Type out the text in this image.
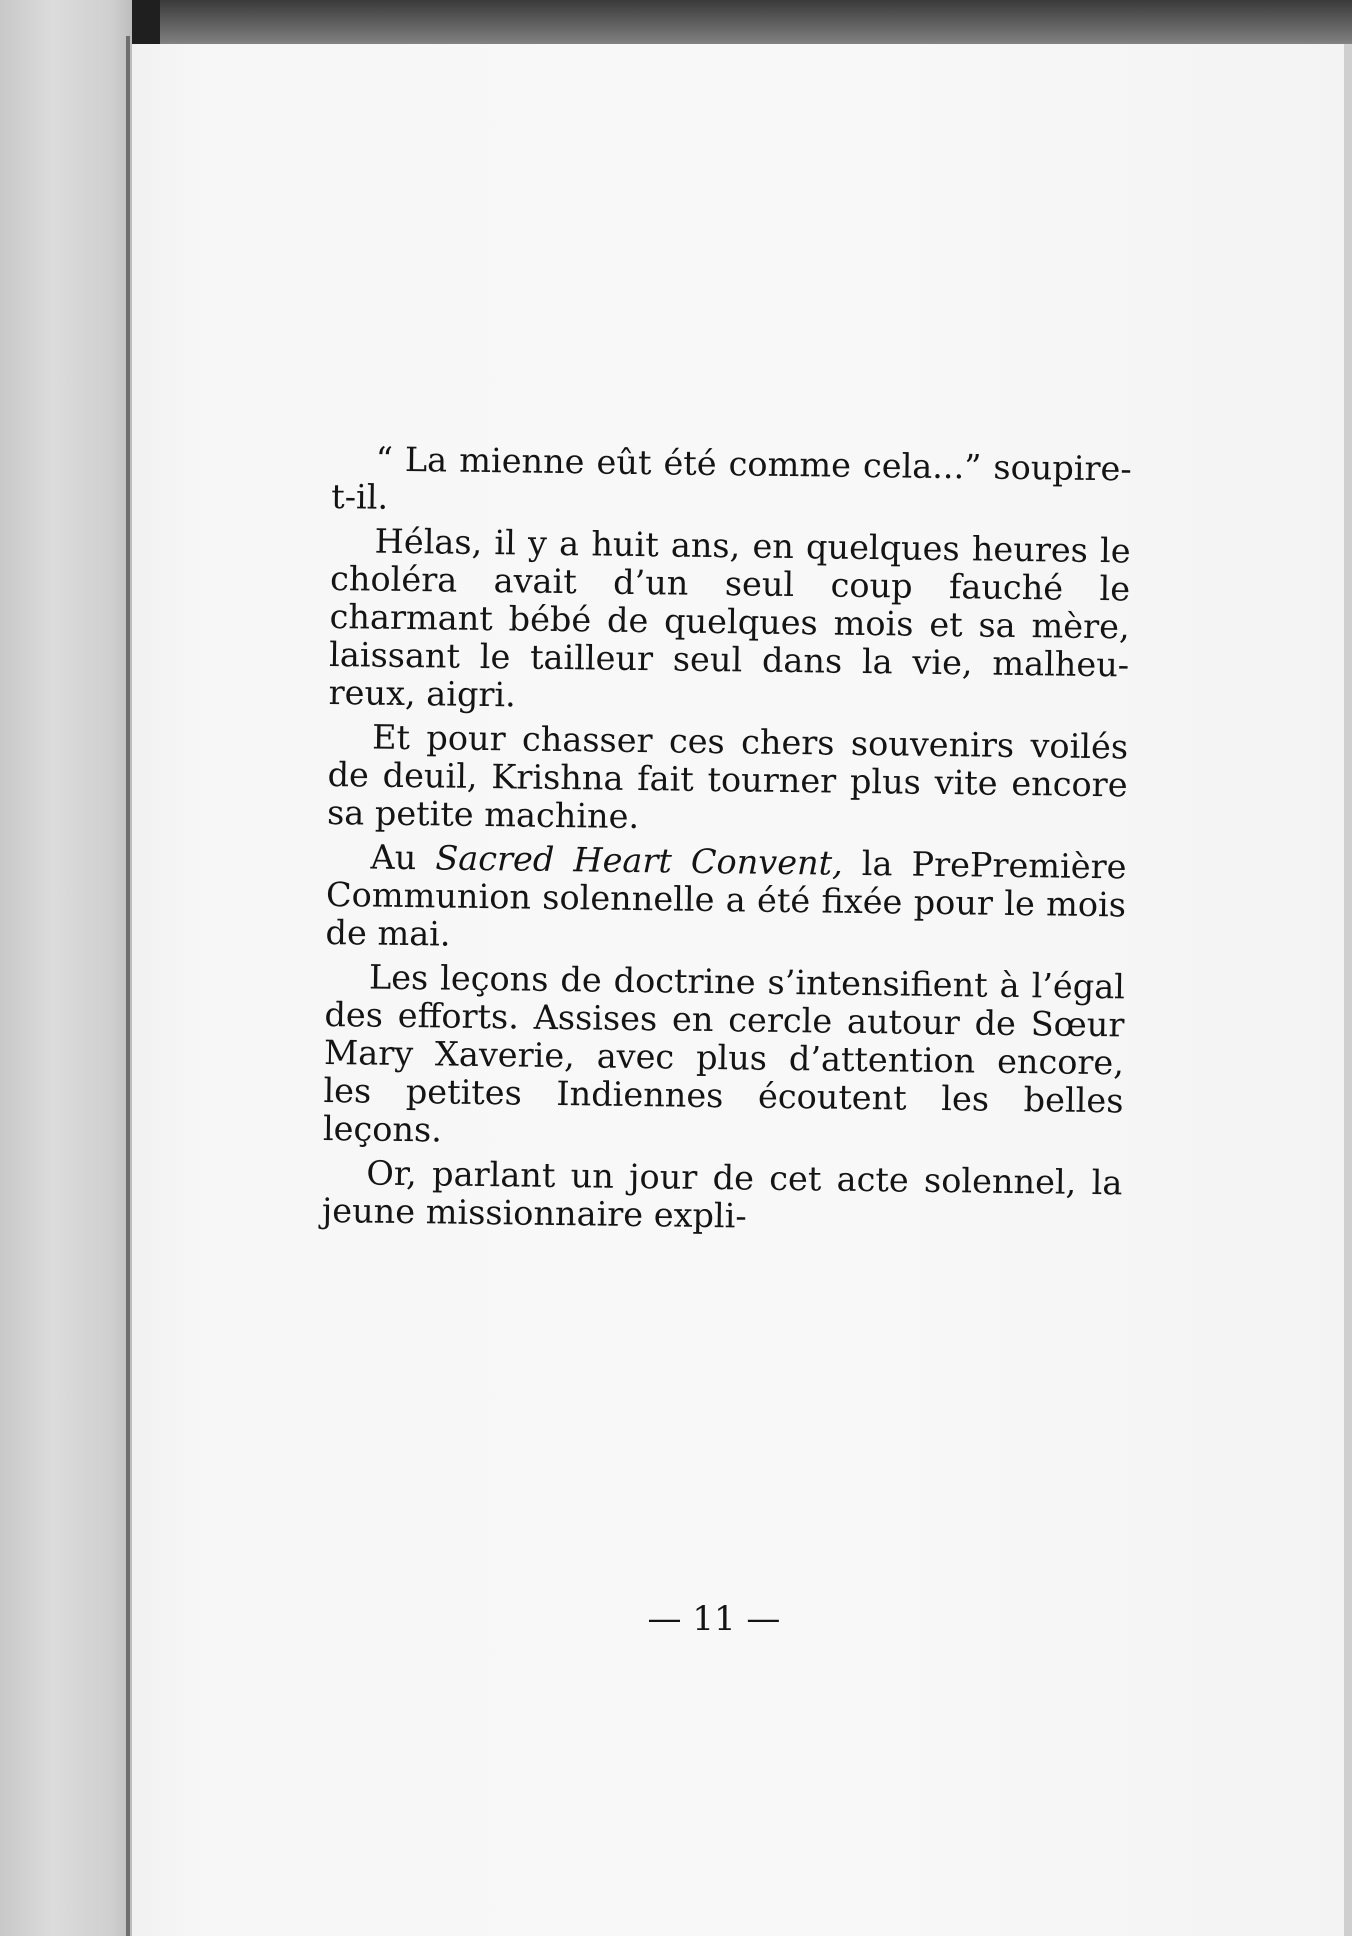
“ La mienne eût été comme cela...” soupire-t-il.

Hélas, il y a huit ans, en quelques heures le choléra avait d’un seul coup fauché le charmant bébé de quelques mois et sa mère, laissant le tailleur seul dans la vie, malheureux, aigri.

Et pour chasser ces chers souvenirs voilés de deuil, Krishna fait tourner plus vite encore sa petite machine.

Au Sacred Heart Convent, la PrePremière Communion solennelle a été fixée pour le mois de mai.

Les leçons de doctrine s’intensifient à l’égal des efforts. Assises en cercle autour de Sœur Mary Xaverie, avec plus d’attention encore, les petites Indiennes écoutent les belles leçons.

Or, parlant un jour de cet acte solennel, la jeune missionnaire expli-

— 11 —
